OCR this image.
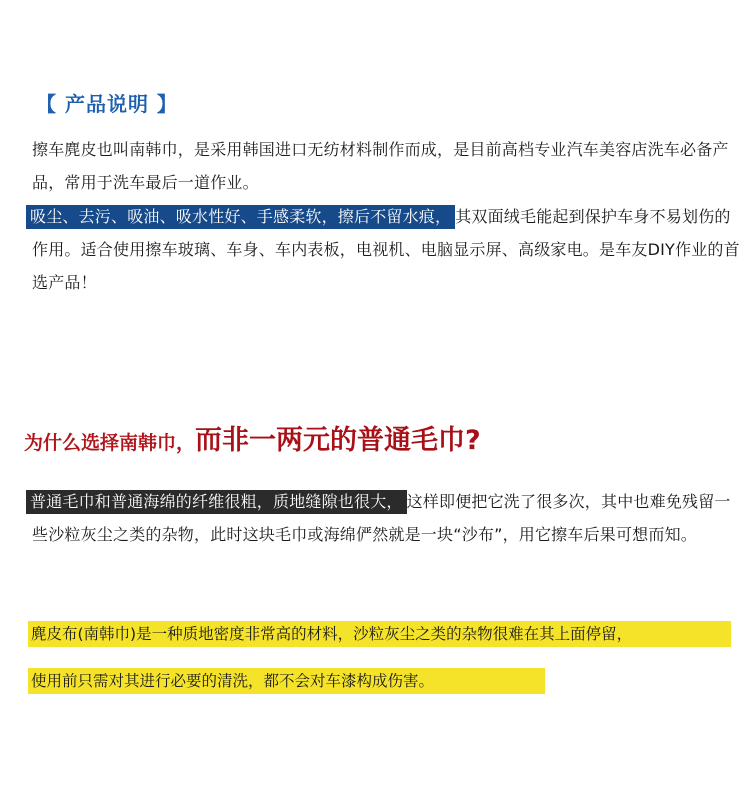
【 产品说明 】
擦车麂皮也叫南韩巾，是采用韩国进口无纺材料制作而成，是目前高档专业汽车美容店洗车必备产品，常用于洗车最后一道作业。
吸尘、去污、吸油、吸水性好、手感柔软，擦后不留水痕， 其双面绒毛能起到保护车身不易划伤的作用。适合使用擦车玻璃、车身、车内表板，电视机、电脑显示屏、高级家电。是车友DIY作业的首选产品！
为什么选择南韩巾，而非一两元的普通毛巾?
普通毛巾和普通海绵的纤维很粗，质地缝隙也很大， 这样即便把它洗了很多次，其中也难免残留一些沙粒灰尘之类的杂物，此时这块毛巾或海绵俨然就是一块“沙布”，用它擦车后果可想而知。
麂皮布(南韩巾)是一种质地密度非常高的材料，沙粒灰尘之类的杂物很难在其上面停留，
使用前只需对其进行必要的清洗，都不会对车漆构成伤害。
